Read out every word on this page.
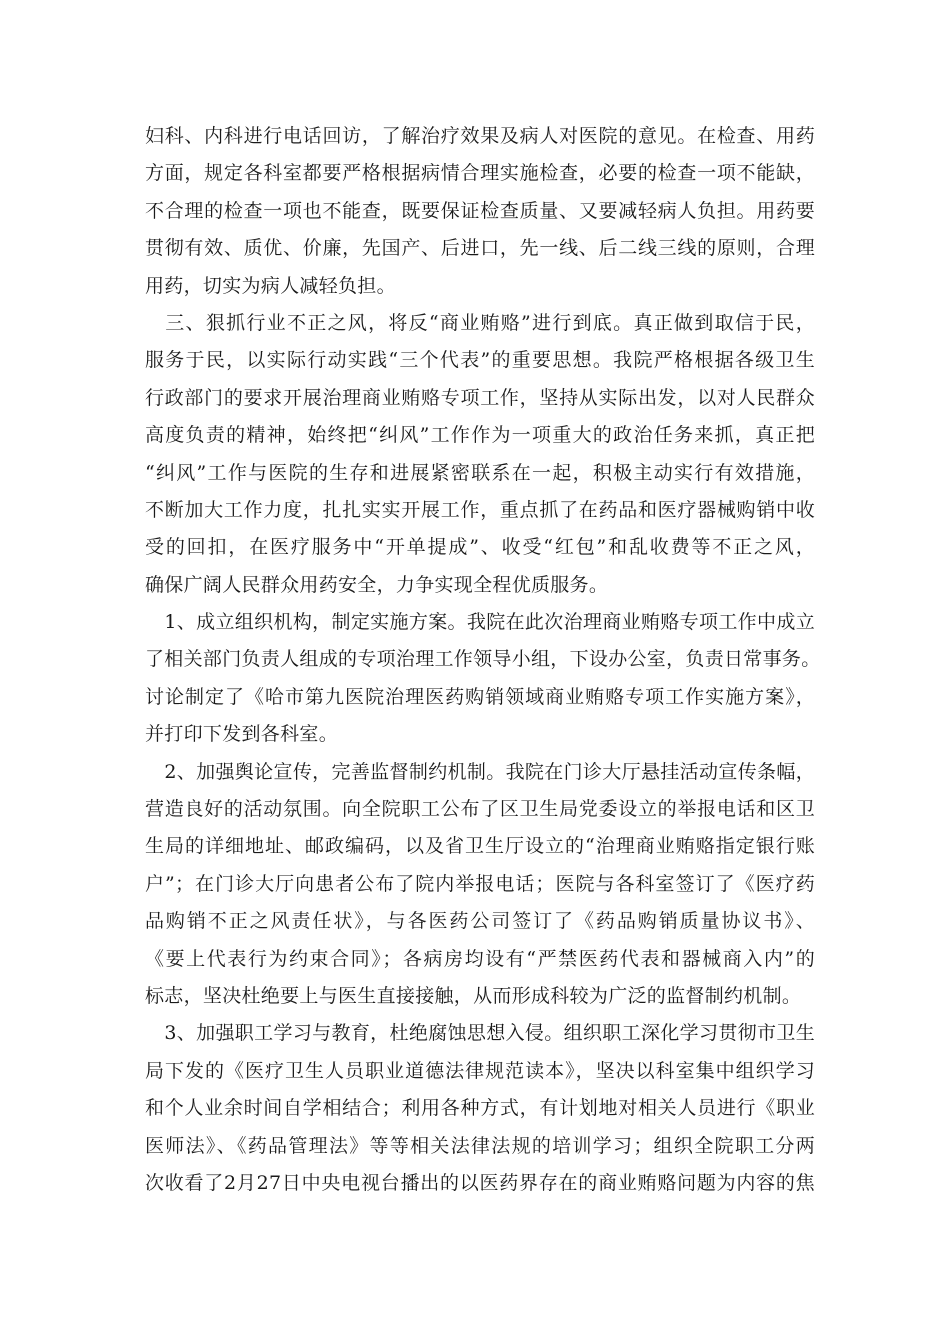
妇科、内科进行电话回访，了解治疗效果及病人对医院的意见。在检查、用药
方面，规定各科室都要严格根据病情合理实施检查，必要的检查一项不能缺，
不合理的检查一项也不能查，既要保证检查质量、又要减轻病人负担。用药要
贯彻有效、质优、价廉，先国产、后进口，先一线、后二线三线的原则，合理
用药，切实为病人减轻负担。
　三、狠抓行业不正之风，将反“商业贿赂”进行到底。真正做到取信于民，
服务于民，以实际行动实践“三个代表”的重要思想。我院严格根据各级卫生
行政部门的要求开展治理商业贿赂专项工作，坚持从实际出发，以对人民群众
高度负责的精神，始终把“纠风”工作作为一项重大的政治任务来抓，真正把
“纠风”工作与医院的生存和进展紧密联系在一起，积极主动实行有效措施，
不断加大工作力度，扎扎实实开展工作，重点抓了在药品和医疗器械购销中收
受的回扣，在医疗服务中“开单提成”、收受“红包”和乱收费等不正之风，
确保广阔人民群众用药安全，力争实现全程优质服务。
　1、成立组织机构，制定实施方案。我院在此次治理商业贿赂专项工作中成立
了相关部门负责人组成的专项治理工作领导小组，下设办公室，负责日常事务。
讨论制定了《哈市第九医院治理医药购销领域商业贿赂专项工作实施方案》，
并打印下发到各科室。
　2、加强舆论宣传，完善监督制约机制。我院在门诊大厅悬挂活动宣传条幅，
营造良好的活动氛围。向全院职工公布了区卫生局党委设立的举报电话和区卫
生局的详细地址、邮政编码，以及省卫生厅设立的“治理商业贿赂指定银行账
户”；在门诊大厅向患者公布了院内举报电话；医院与各科室签订了《医疗药
品购销不正之风责任状》，与各医药公司签订了《药品购销质量协议书》、
《要上代表行为约束合同》；各病房均设有“严禁医药代表和器械商入内”的
标志，坚决杜绝要上与医生直接接触，从而形成科较为广泛的监督制约机制。
　3、加强职工学习与教育，杜绝腐蚀思想入侵。组织职工深化学习贯彻市卫生
局下发的《医疗卫生人员职业道德法律规范读本》，坚决以科室集中组织学习
和个人业余时间自学相结合；利用各种方式，有计划地对相关人员进行《职业
医师法》、《药品管理法》等等相关法律法规的培训学习；组织全院职工分两
次收看了2月27日中央电视台播出的以医药界存在的商业贿赂问题为内容的焦
